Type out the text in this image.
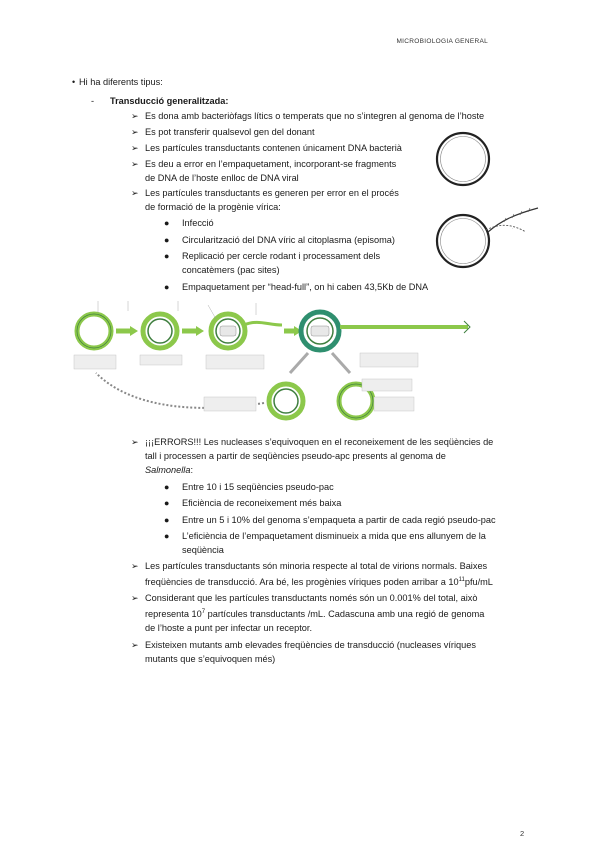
MICROBIOLOGIA GENERAL
• Hi ha diferents tipus:
- Transducció generalitzada:
➢ Es dona amb bacteriòfags lítics o temperats que no s’integren al genoma de l’hoste
➢ Es pot transferir qualsevol gen del donant
➢ Les partícules transductants contenen únicament DNA bacterià
➢ Es deu a error en l’empaquetament, incorporant-se fragments
de DNA de l’hoste enlloc de DNA viral
➢ Les partícules transductants es generen per error en el procés
de formació de la progènie vírica:
● Infecció
● Circularització del DNA víric al citoplasma (episoma)
● Replicació per cercle rodant i processament dels
concatèmers (pac sites)
● Empaquetament per “head-full”, on hi caben 43,5Kb de DNA
·
➢ ¡¡¡ERRORS!!! Les nucleases s’equivoquen en el reconeixement de les seqüències de
tall i processen a partir de seqüències pseudo-apc presents al genoma de
Salmonella:
● Entre 10 i 15 seqüències pseudo-pac
● Eficiència de reconeixement més baixa
● Entre un 5 i 10% del genoma s’empaqueta a partir de cada regió pseudo-pac
● L’eficiència de l’empaquetament disminueix a mida que ens allunyem de la
seqüència
➢ Les partícules transductants són minoria respecte al total de virions normals. Baixes
freqüències de transducció. Ara bé, les progènies víriques poden arribar a $10^{11}pfu/mL$
➢ Considerant que les partícules transductants només són un 0.001% del total, això
representa $10^7$ partícules transductants /mL. Cadascuna amb una regió de genoma
de l’hoste a punt per infectar un receptor.
➢ Existeixen mutants amb elevades freqüències de transducció (nucleases víriques
mutants que s’equivoquen més)
2
